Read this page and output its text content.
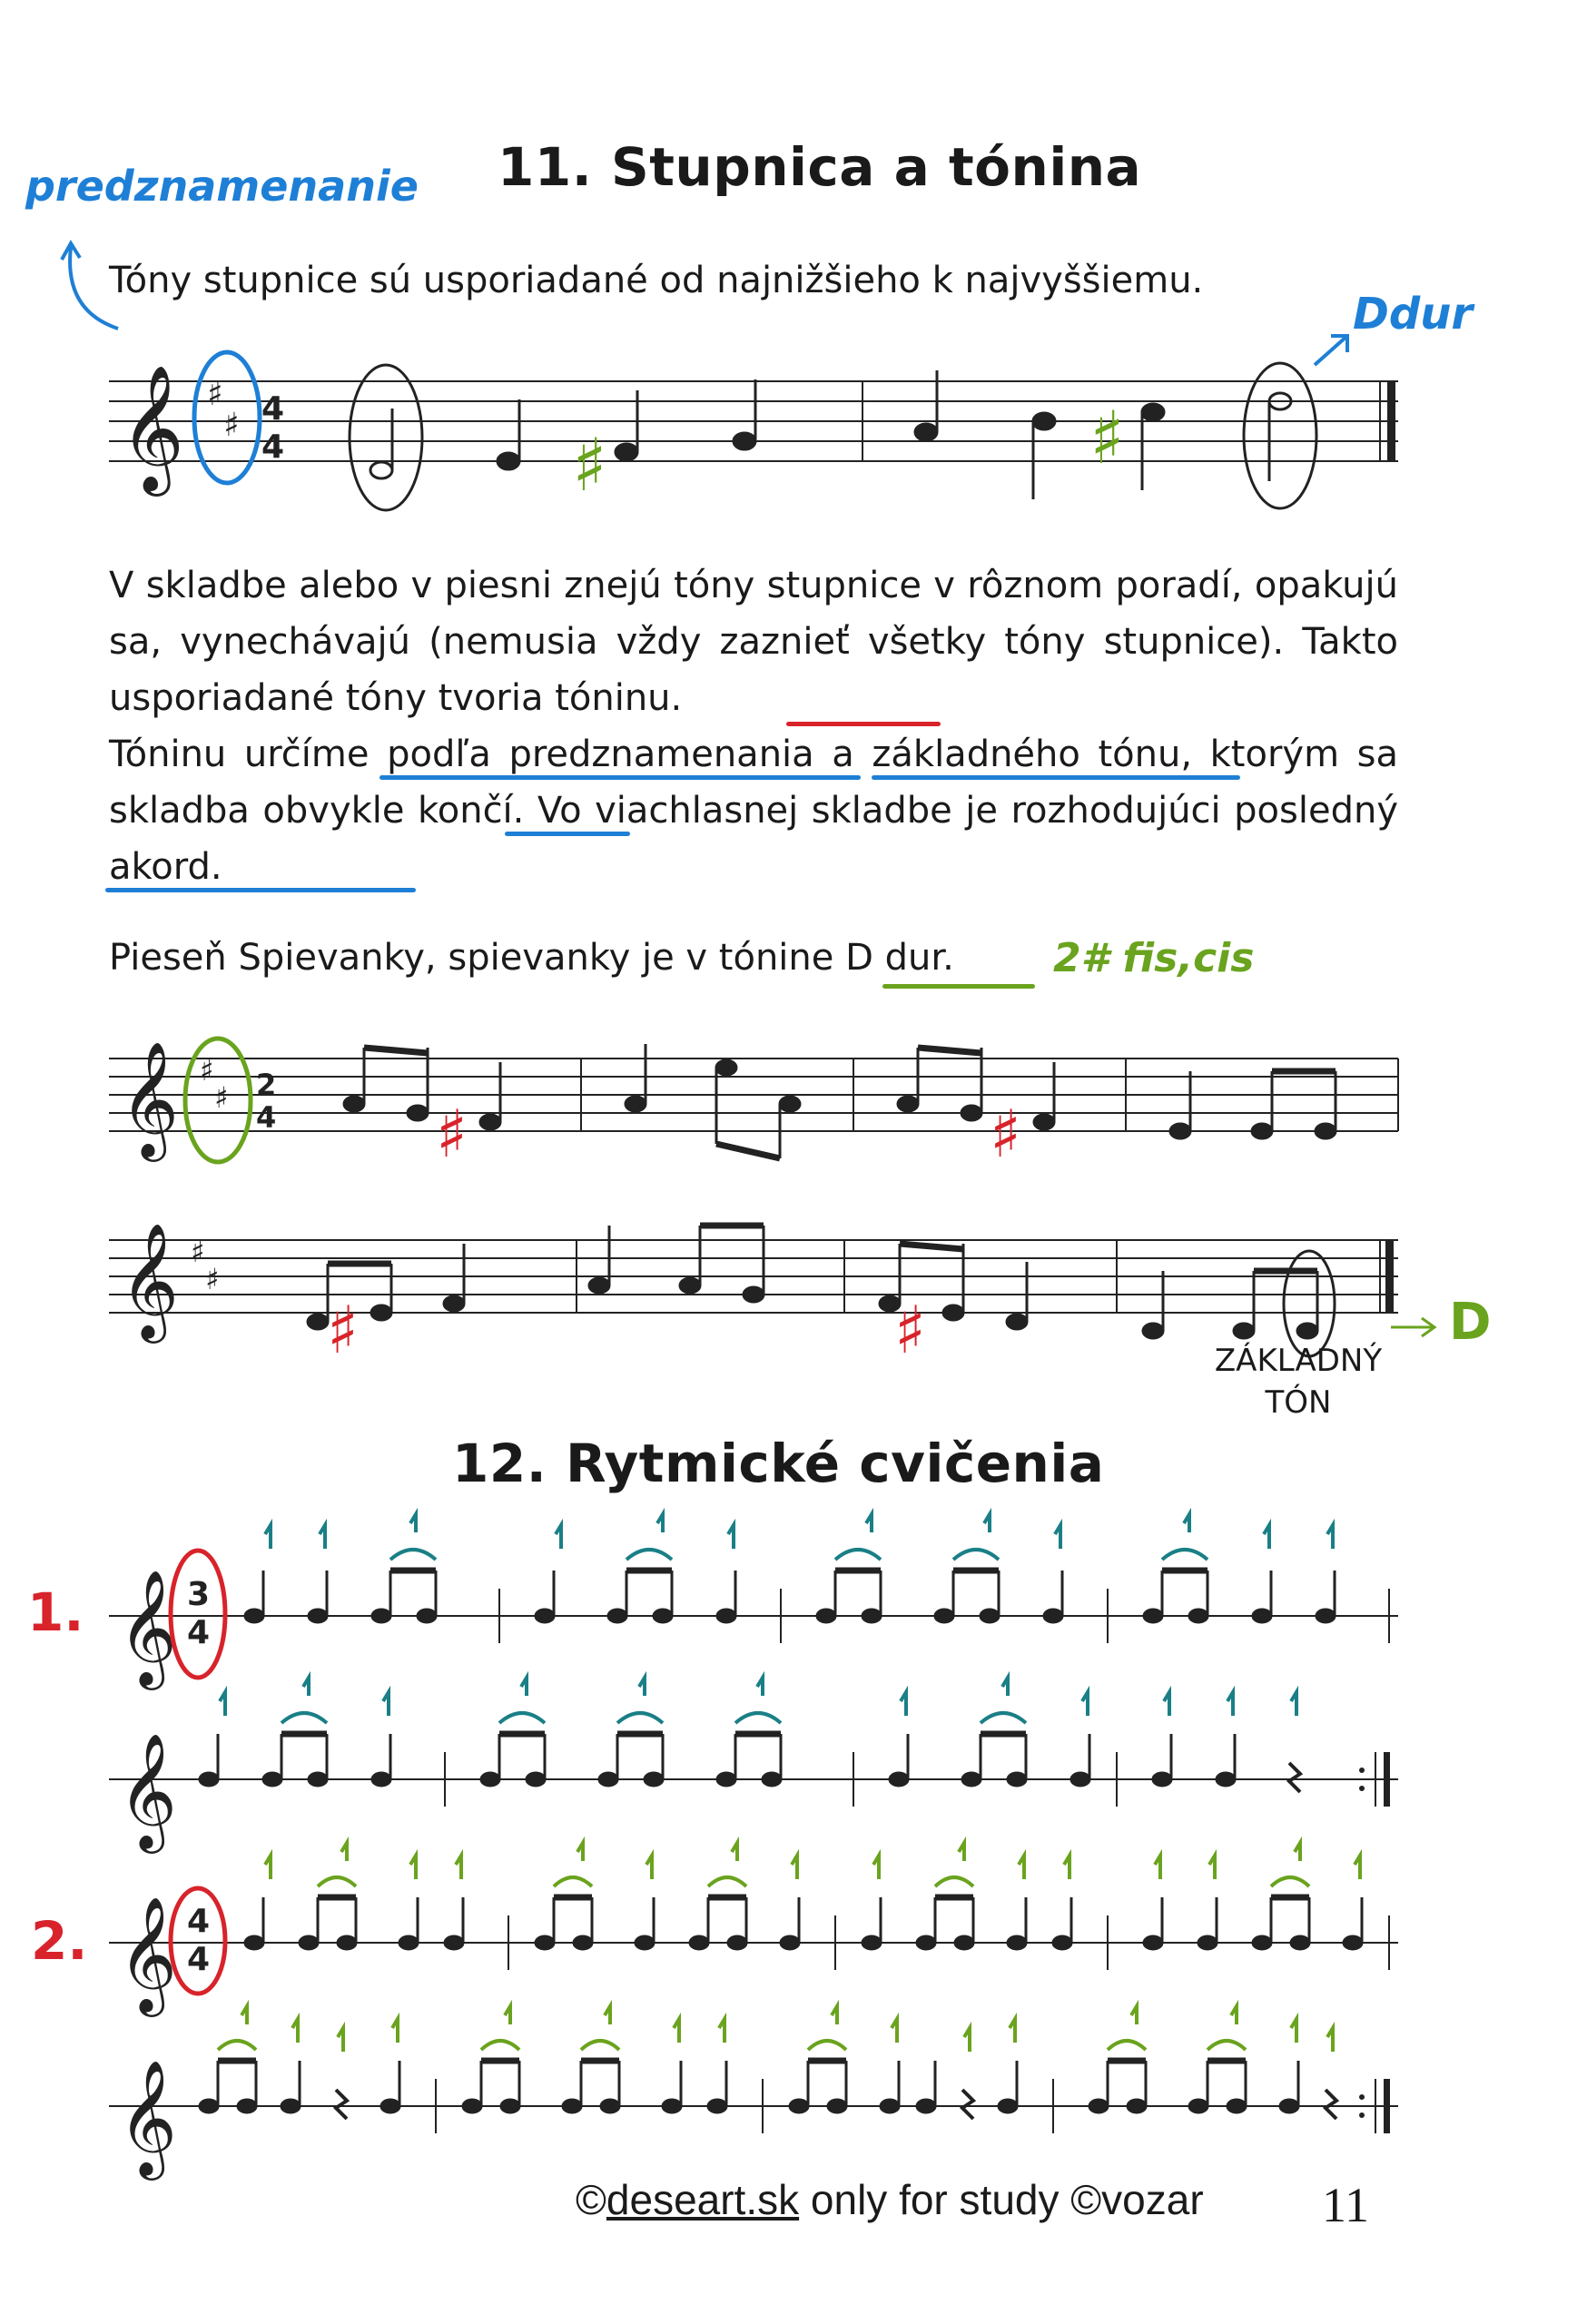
11. Stupnica a tónina
predznamenanie
Tóny stupnice sú usporiadané od najnižšieho k najvyššiemu.
Ddur
𝄞 ♯
♯ 4
4	♯	♯
V skladbe alebo v piesni znejú tóny stupnice v rôznom poradí, opakujú sa, vynechávajú (nemusia vždy zaznieť všetky tóny stupnice). Takto usporiadané tóny tvoria tóninu.
Tóninu určíme podľa predznamenania a základného tónu, ktorým sa skladba obvykle končí. Vo viachlasnej skladbe je rozhodujúci posledný akord.
Pieseň Spievanky, spievanky je v tónine D dur. 2# fis,cis
𝄞 ♯
♯ 2
4 ♯	♯
𝄞 ♯
♯
♯	♯	D
ZÁKLADNÝ TÓN
12. Rytmické cvičenia
1. 𝄞 3
4
𝄞
2. 𝄞 4
4
𝄞
©deseart.sk only for study ©vozar 11
